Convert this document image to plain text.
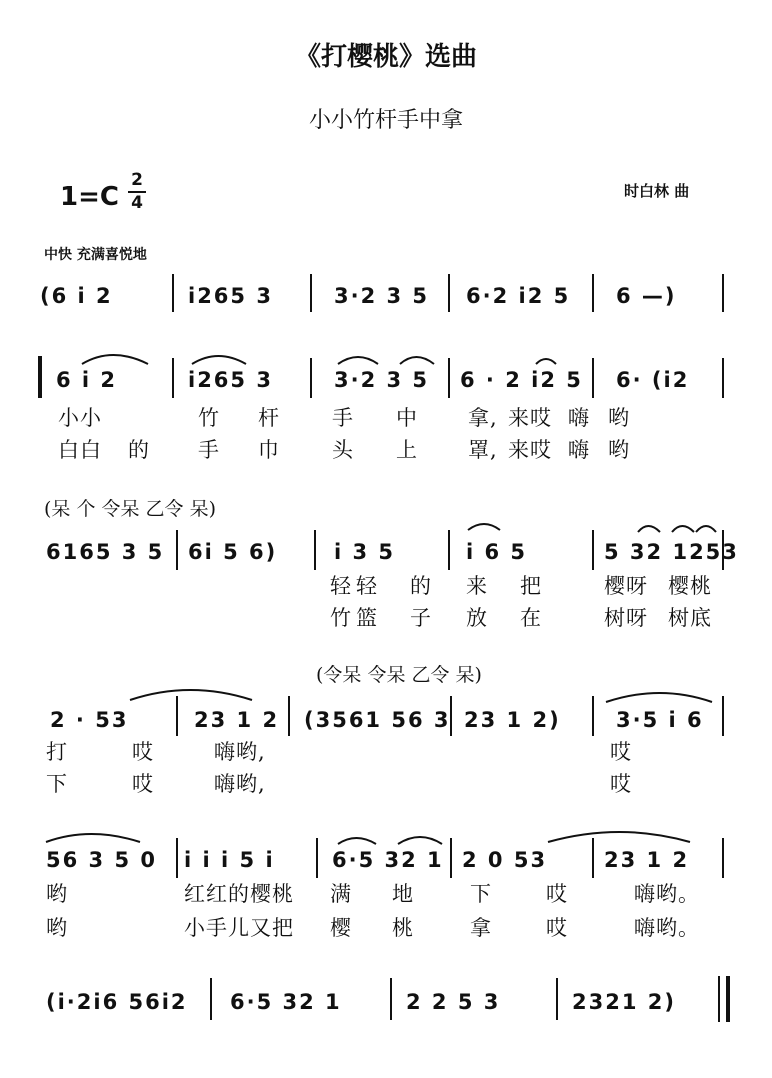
《打樱桃》选曲
小小竹杆手中拿
1=C
2
4
时白林 曲
中快 充满喜悦地
(6 i 2	i265 3	3·2 3 5 6·2 i2 5 6 —)
6 i 2	i265 3	3·2 3 5 6 · 2 i2 5 6· (i2
小小	竹 杆 手 中 拿, 来哎 嗨 哟
白白 的 手 巾 头 上 罩, 来哎 嗨 哟
(呆 个 令呆 乙令 呆)
6165 3 5 6i 5 6)	i 3 5	i 6 5	5 32 1253
轻 轻 的 来 把	樱呀 樱桃
竹 篮 子 放 在	树呀 树底
(令呆 令呆 乙令 呆)
2 · 53	23 1 2 (3561 56 3 23 1 2)	3·5 i 6
打	哎	嗨哟,	哎
下	哎	嗨哟,	哎
56 3 5 0 i i i 5 i	6·5 32 1 2 0 53	23 1 2
哟	红红的 樱桃 满 地	下	哎	嗨哟。
哟	小手儿 又把 樱 桃	拿	哎	嗨哟。
(i·2i6 56i2 6·5 32 1	2 2 5 3	2321 2)
